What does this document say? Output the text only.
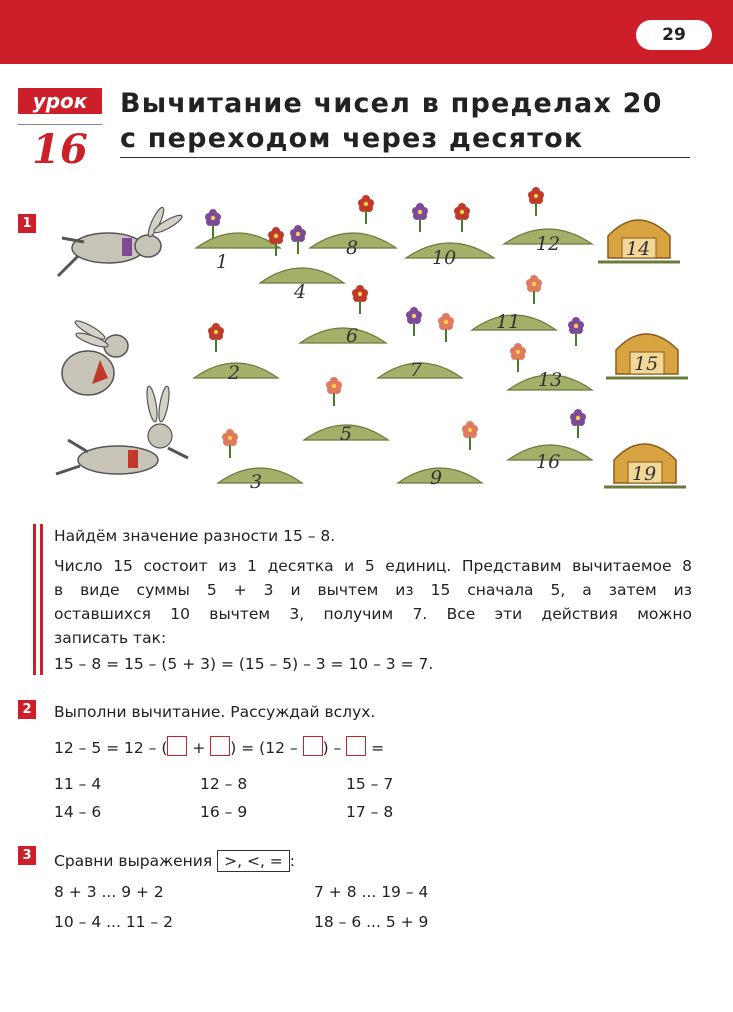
29
урок
16
Вычитание чисел в пределах 20
с переходом через десяток
1
1
2
3
4
5
6
7
8
9
10
11
12
13
16
14
15
19
Найдём значение разности 15 – 8.
Число 15 состоит из 1 десятка и 5 единиц. Представим вычитаемое 8
в виде суммы 5 + 3 и вычтем из 15 сначала 5, а затем из
оставшихся 10 вычтем 3, получим 7. Все эти действия можно
записать так:
15 – 8 = 15 – (5 + 3) = (15 – 5) – 3 = 10 – 3 = 7.
2 Выполни вычитание. Рассуждай вслух.
12 – 5 = 12 – ( + ) = (12 – ) – =
11 – 4	12 – 8	15 – 7
14 – 6	16 – 9	17 – 8
3 Сравни выражения >, <, = :
8 + 3 ... 9 + 2	7 + 8 ... 19 – 4
10 – 4 ... 11 – 2	18 – 6 ... 5 + 9
